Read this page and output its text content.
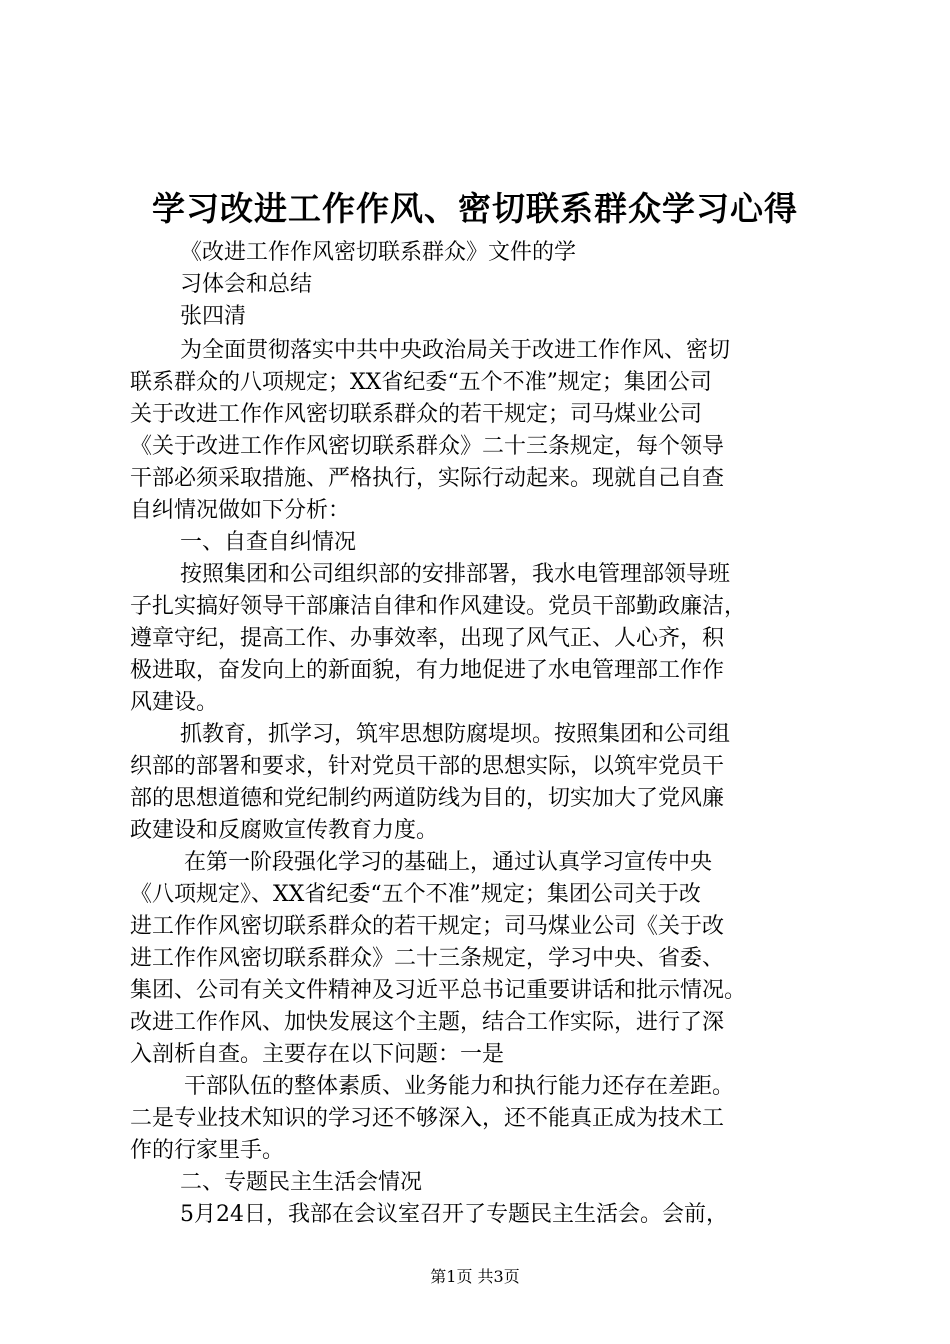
学习改进工作作风、密切联系群众学习心得
《改进工作作风密切联系群众》文件的学
习体会和总结
张四清
为全面贯彻落实中共中央政治局关于改进工作作风、密切
联系群众的八项规定；XX省纪委“五个不准”规定；集团公司
关于改进工作作风密切联系群众的若干规定；司马煤业公司
《关于改进工作作风密切联系群众》二十三条规定，每个领导
干部必须采取措施、严格执行，实际行动起来。现就自己自查
自纠情况做如下分析：
一、自查自纠情况
按照集团和公司组织部的安排部署，我水电管理部领导班
子扎实搞好领导干部廉洁自律和作风建设。党员干部勤政廉洁，
遵章守纪，提高工作、办事效率，出现了风气正、人心齐，积
极进取，奋发向上的新面貌，有力地促进了水电管理部工作作
风建设。
抓教育，抓学习，筑牢思想防腐堤坝。按照集团和公司组
织部的部署和要求，针对党员干部的思想实际，以筑牢党员干
部的思想道德和党纪制约两道防线为目的，切实加大了党风廉
政建设和反腐败宣传教育力度。
在第一阶段强化学习的基础上，通过认真学习宣传中央
《八项规定》、XX省纪委“五个不准”规定；集团公司关于改
进工作作风密切联系群众的若干规定；司马煤业公司《关于改
进工作作风密切联系群众》二十三条规定，学习中央、省委、
集团、公司有关文件精神及习近平总书记重要讲话和批示情况。
改进工作作风、加快发展这个主题，结合工作实际，进行了深
入剖析自查。主要存在以下问题：一是
干部队伍的整体素质、业务能力和执行能力还存在差距。
二是专业技术知识的学习还不够深入，还不能真正成为技术工
作的行家里手。
二、专题民主生活会情况
5月24日，我部在会议室召开了专题民主生活会。会前，
第1页 共3页
